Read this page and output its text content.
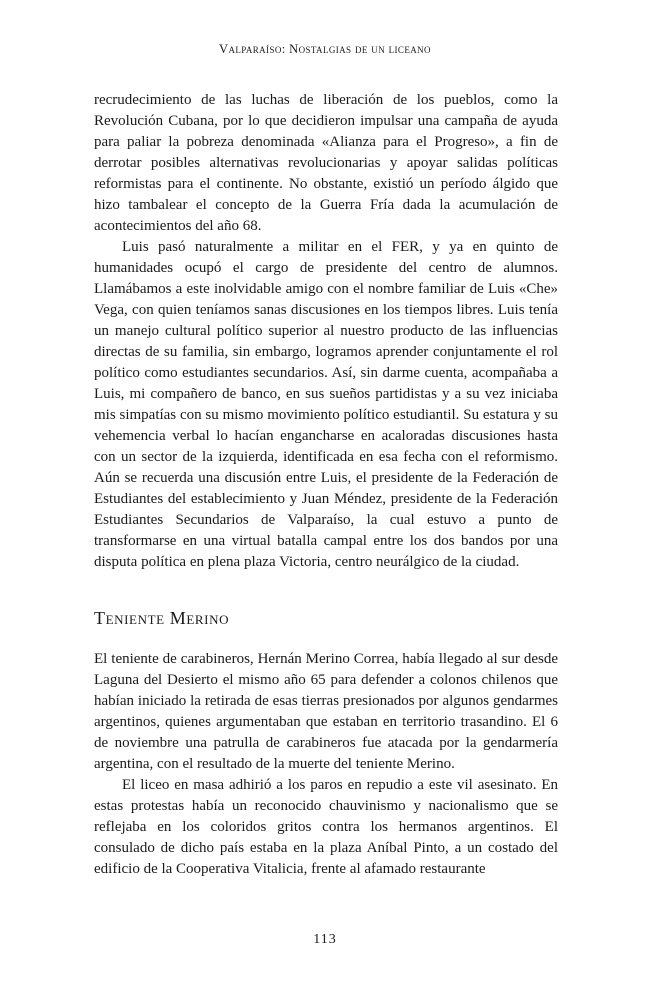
Valparaíso: Nostalgias de un liceano

recrudecimiento de las luchas de liberación de los pueblos, como la Revolución Cubana, por lo que decidieron impulsar una campaña de ayuda para paliar la pobreza denominada «Alianza para el Progreso», a fin de derrotar posibles alternativas revolucionarias y apoyar salidas políticas reformistas para el continente. No obstante, existió un período álgido que hizo tambalear el concepto de la Guerra Fría dada la acumulación de acontecimientos del año 68.

Luis pasó naturalmente a militar en el FER, y ya en quinto de humanidades ocupó el cargo de presidente del centro de alumnos. Llamábamos a este inolvidable amigo con el nombre familiar de Luis «Che» Vega, con quien teníamos sanas discusiones en los tiempos libres. Luis tenía un manejo cultural político superior al nuestro producto de las influencias directas de su familia, sin embargo, logramos aprender conjuntamente el rol político como estudiantes secundarios. Así, sin darme cuenta, acompañaba a Luis, mi compañero de banco, en sus sueños partidistas y a su vez iniciaba mis simpatías con su mismo movimiento político estudiantil. Su estatura y su vehemencia verbal lo hacían engancharse en acaloradas discusiones hasta con un sector de la izquierda, identificada en esa fecha con el reformismo. Aún se recuerda una discusión entre Luis, el presidente de la Federación de Estudiantes del establecimiento y Juan Méndez, presidente de la Federación Estudiantes Secundarios de Valparaíso, la cual estuvo a punto de transformarse en una virtual batalla campal entre los dos bandos por una disputa política en plena plaza Victoria, centro neurálgico de la ciudad.

Teniente Merino

El teniente de carabineros, Hernán Merino Correa, había llegado al sur desde Laguna del Desierto el mismo año 65 para defender a colonos chilenos que habían iniciado la retirada de esas tierras presionados por algunos gendarmes argentinos, quienes argumentaban que estaban en territorio trasandino. El 6 de noviembre una patrulla de carabineros fue atacada por la gendarmería argentina, con el resultado de la muerte del teniente Merino.

El liceo en masa adhirió a los paros en repudio a este vil asesinato. En estas protestas había un reconocido chauvinismo y nacionalismo que se reflejaba en los coloridos gritos contra los hermanos argentinos. El consulado de dicho país estaba en la plaza Aníbal Pinto, a un costado del edificio de la Cooperativa Vitalicia, frente al afamado restaurante

113
